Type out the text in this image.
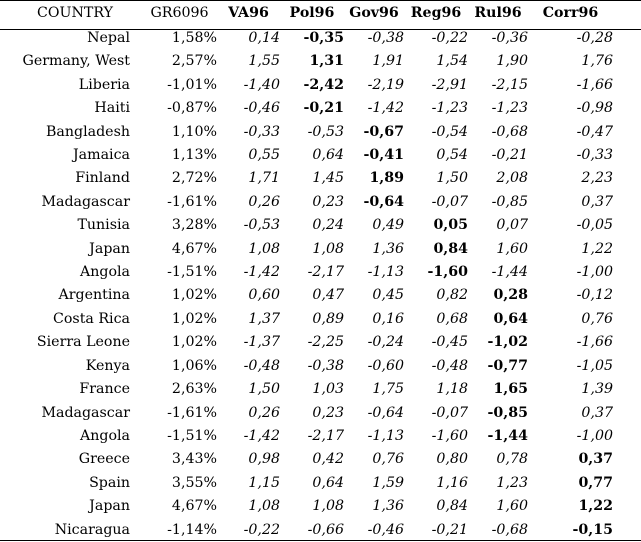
COUNTRY	GR6096	VA96	Pol96	Gov96	Reg96	Rul96	Corr96
Nepal	1,58%	0,14	-0,35	-0,38	-0,22	-0,36	-0,28
Germany, West	2,57%	1,55	1,31	1,91	1,54	1,90	1,76
Liberia	-1,01%	-1,40	-2,42	-2,19	-2,91	-2,15	-1,66
Haiti	-0,87%	-0,46	-0,21	-1,42	-1,23	-1,23	-0,98
Bangladesh	1,10%	-0,33	-0,53	-0,67	-0,54	-0,68	-0,47
Jamaica	1,13%	0,55	0,64	-0,41	0,54	-0,21	-0,33
Finland	2,72%	1,71	1,45	1,89	1,50	2,08	2,23
Madagascar	-1,61%	0,26	0,23	-0,64	-0,07	-0,85	0,37
Tunisia	3,28%	-0,53	0,24	0,49	0,05	0,07	-0,05
Japan	4,67%	1,08	1,08	1,36	0,84	1,60	1,22
Angola	-1,51%	-1,42	-2,17	-1,13	-1,60	-1,44	-1,00
Argentina	1,02%	0,60	0,47	0,45	0,82	0,28	-0,12
Costa Rica	1,02%	1,37	0,89	0,16	0,68	0,64	0,76
Sierra Leone	1,02%	-1,37	-2,25	-0,24	-0,45	-1,02	-1,66
Kenya	1,06%	-0,48	-0,38	-0,60	-0,48	-0,77	-1,05
France	2,63%	1,50	1,03	1,75	1,18	1,65	1,39
Madagascar	-1,61%	0,26	0,23	-0,64	-0,07	-0,85	0,37
Angola	-1,51%	-1,42	-2,17	-1,13	-1,60	-1,44	-1,00
Greece	3,43%	0,98	0,42	0,76	0,80	0,78	0,37
Spain	3,55%	1,15	0,64	1,59	1,16	1,23	0,77
Japan	4,67%	1,08	1,08	1,36	0,84	1,60	1,22
Nicaragua	-1,14%	-0,22	-0,66	-0,46	-0,21	-0,68	-0,15
